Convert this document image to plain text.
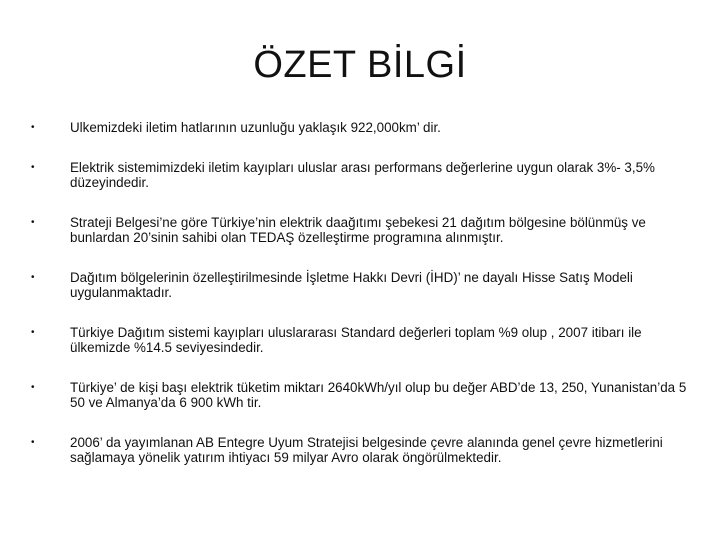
ÖZET BİLGİ
•	Ulkemizdeki iletim hatlarının uzunluğu yaklaşık 922,000km’ dir.
•	Elektrik sistemimizdeki iletim kayıpları uluslar arası performans değerlerine uygun olarak 3%- 3,5% düzeyindedir.
•	Strateji Belgesi’ne göre Türkiye’nin elektrik daağıtımı şebekesi 21 dağıtım bölgesine bölünmüş ve bunlardan 20’sinin sahibi olan TEDAŞ özelleştirme programına alınmıştır.
•	Dağıtım bölgelerinin özelleştirilmesinde İşletme Hakkı Devri (İHD)’ ne dayalı Hisse Satış Modeli uygulanmaktadır.
•	Türkiye Dağıtım sistemi kayıpları uluslararası Standard değerleri toplam %9 olup , 2007 itibarı ile ülkemizde %14.5 seviyesindedir.
•	Türkiye’ de kişi başı elektrik tüketim miktarı 2640kWh/yıl olup bu değer ABD’de 13, 250, Yunanistan’da 5 50 ve Almanya’da 6 900 kWh tir.
•	2006’ da yayımlanan AB Entegre Uyum Stratejisi belgesinde çevre alanında genel çevre hizmetlerini sağlamaya yönelik yatırım ihtiyacı 59 milyar Avro olarak öngörülmektedir.
